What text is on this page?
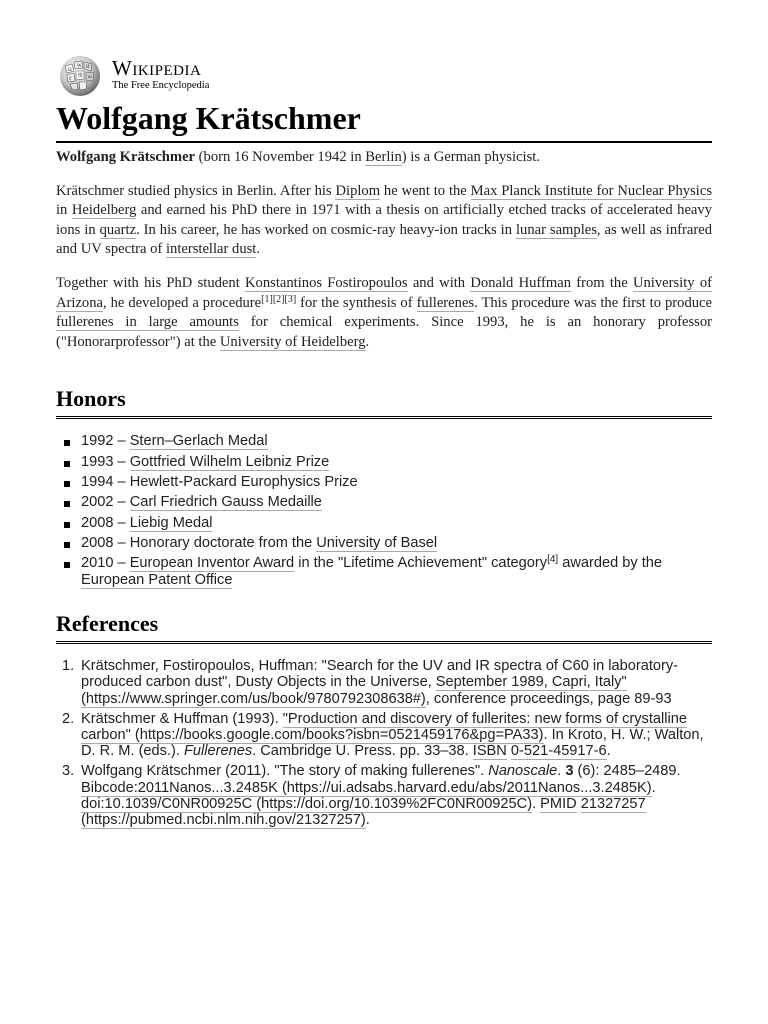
Ω
W И
维 ш
ع Wikipedia
The Free Encyclopedia
Wolfgang Krätschmer

Wolfgang Krätschmer (born 16 November 1942 in Berlin) is a German physicist.

Krätschmer studied physics in Berlin. After his Diplom he went to the Max Planck Institute for Nuclear Physics in Heidelberg and earned his PhD there in 1971 with a thesis on artificially etched tracks of accelerated heavy ions in quartz. In his career, he has worked on cosmic-ray heavy-ion tracks in lunar samples, as well as infrared and UV spectra of interstellar dust.

Together with his PhD student Konstantinos Fostiropoulos and with Donald Huffman from the University of Arizona, he developed a procedure[1][2][3] for the synthesis of fullerenes. This procedure was the first to produce fullerenes in large amounts for chemical experiments. Since 1993, he is an honorary professor ("Honorarprofessor") at the University of Heidelberg.

Honors
1992 – Stern–Gerlach Medal
1993 – Gottfried Wilhelm Leibniz Prize
1994 – Hewlett-Packard Europhysics Prize
2002 – Carl Friedrich Gauss Medaille
2008 – Liebig Medal
2008 – Honorary doctorate from the University of Basel
2010 – European Inventor Award in the "Lifetime Achievement" category[4] awarded by the European Patent Office
References
1. Krätschmer, Fostiropoulos, Huffman: "Search for the UV and IR spectra of C60 in laboratory-produced carbon dust", Dusty Objects in the Universe, September 1989, Capri, Italy" (https://www.springer.com/us/book/9780792308638#), conference proceedings, page 89-93
2. Krätschmer & Huffman (1993). "Production and discovery of fullerites: new forms of crystalline carbon" (https://books.google.com/books?isbn=0521459176&pg=PA33). In Kroto, H. W.; Walton, D. R. M. (eds.). Fullerenes. Cambridge U. Press. pp. 33–38. ISBN 0-521-45917-6.
3. Wolfgang Krätschmer (2011). "The story of making fullerenes". Nanoscale. 3 (6): 2485–2489. Bibcode:2011Nanos...3.2485K (https://ui.adsabs.harvard.edu/abs/2011Nanos...3.2485K). doi:10.1039/C0NR00925C (https://doi.org/10.1039%2FC0NR00925C). PMID 21327257 (https://pubmed.ncbi.nlm.nih.gov/21327257).
